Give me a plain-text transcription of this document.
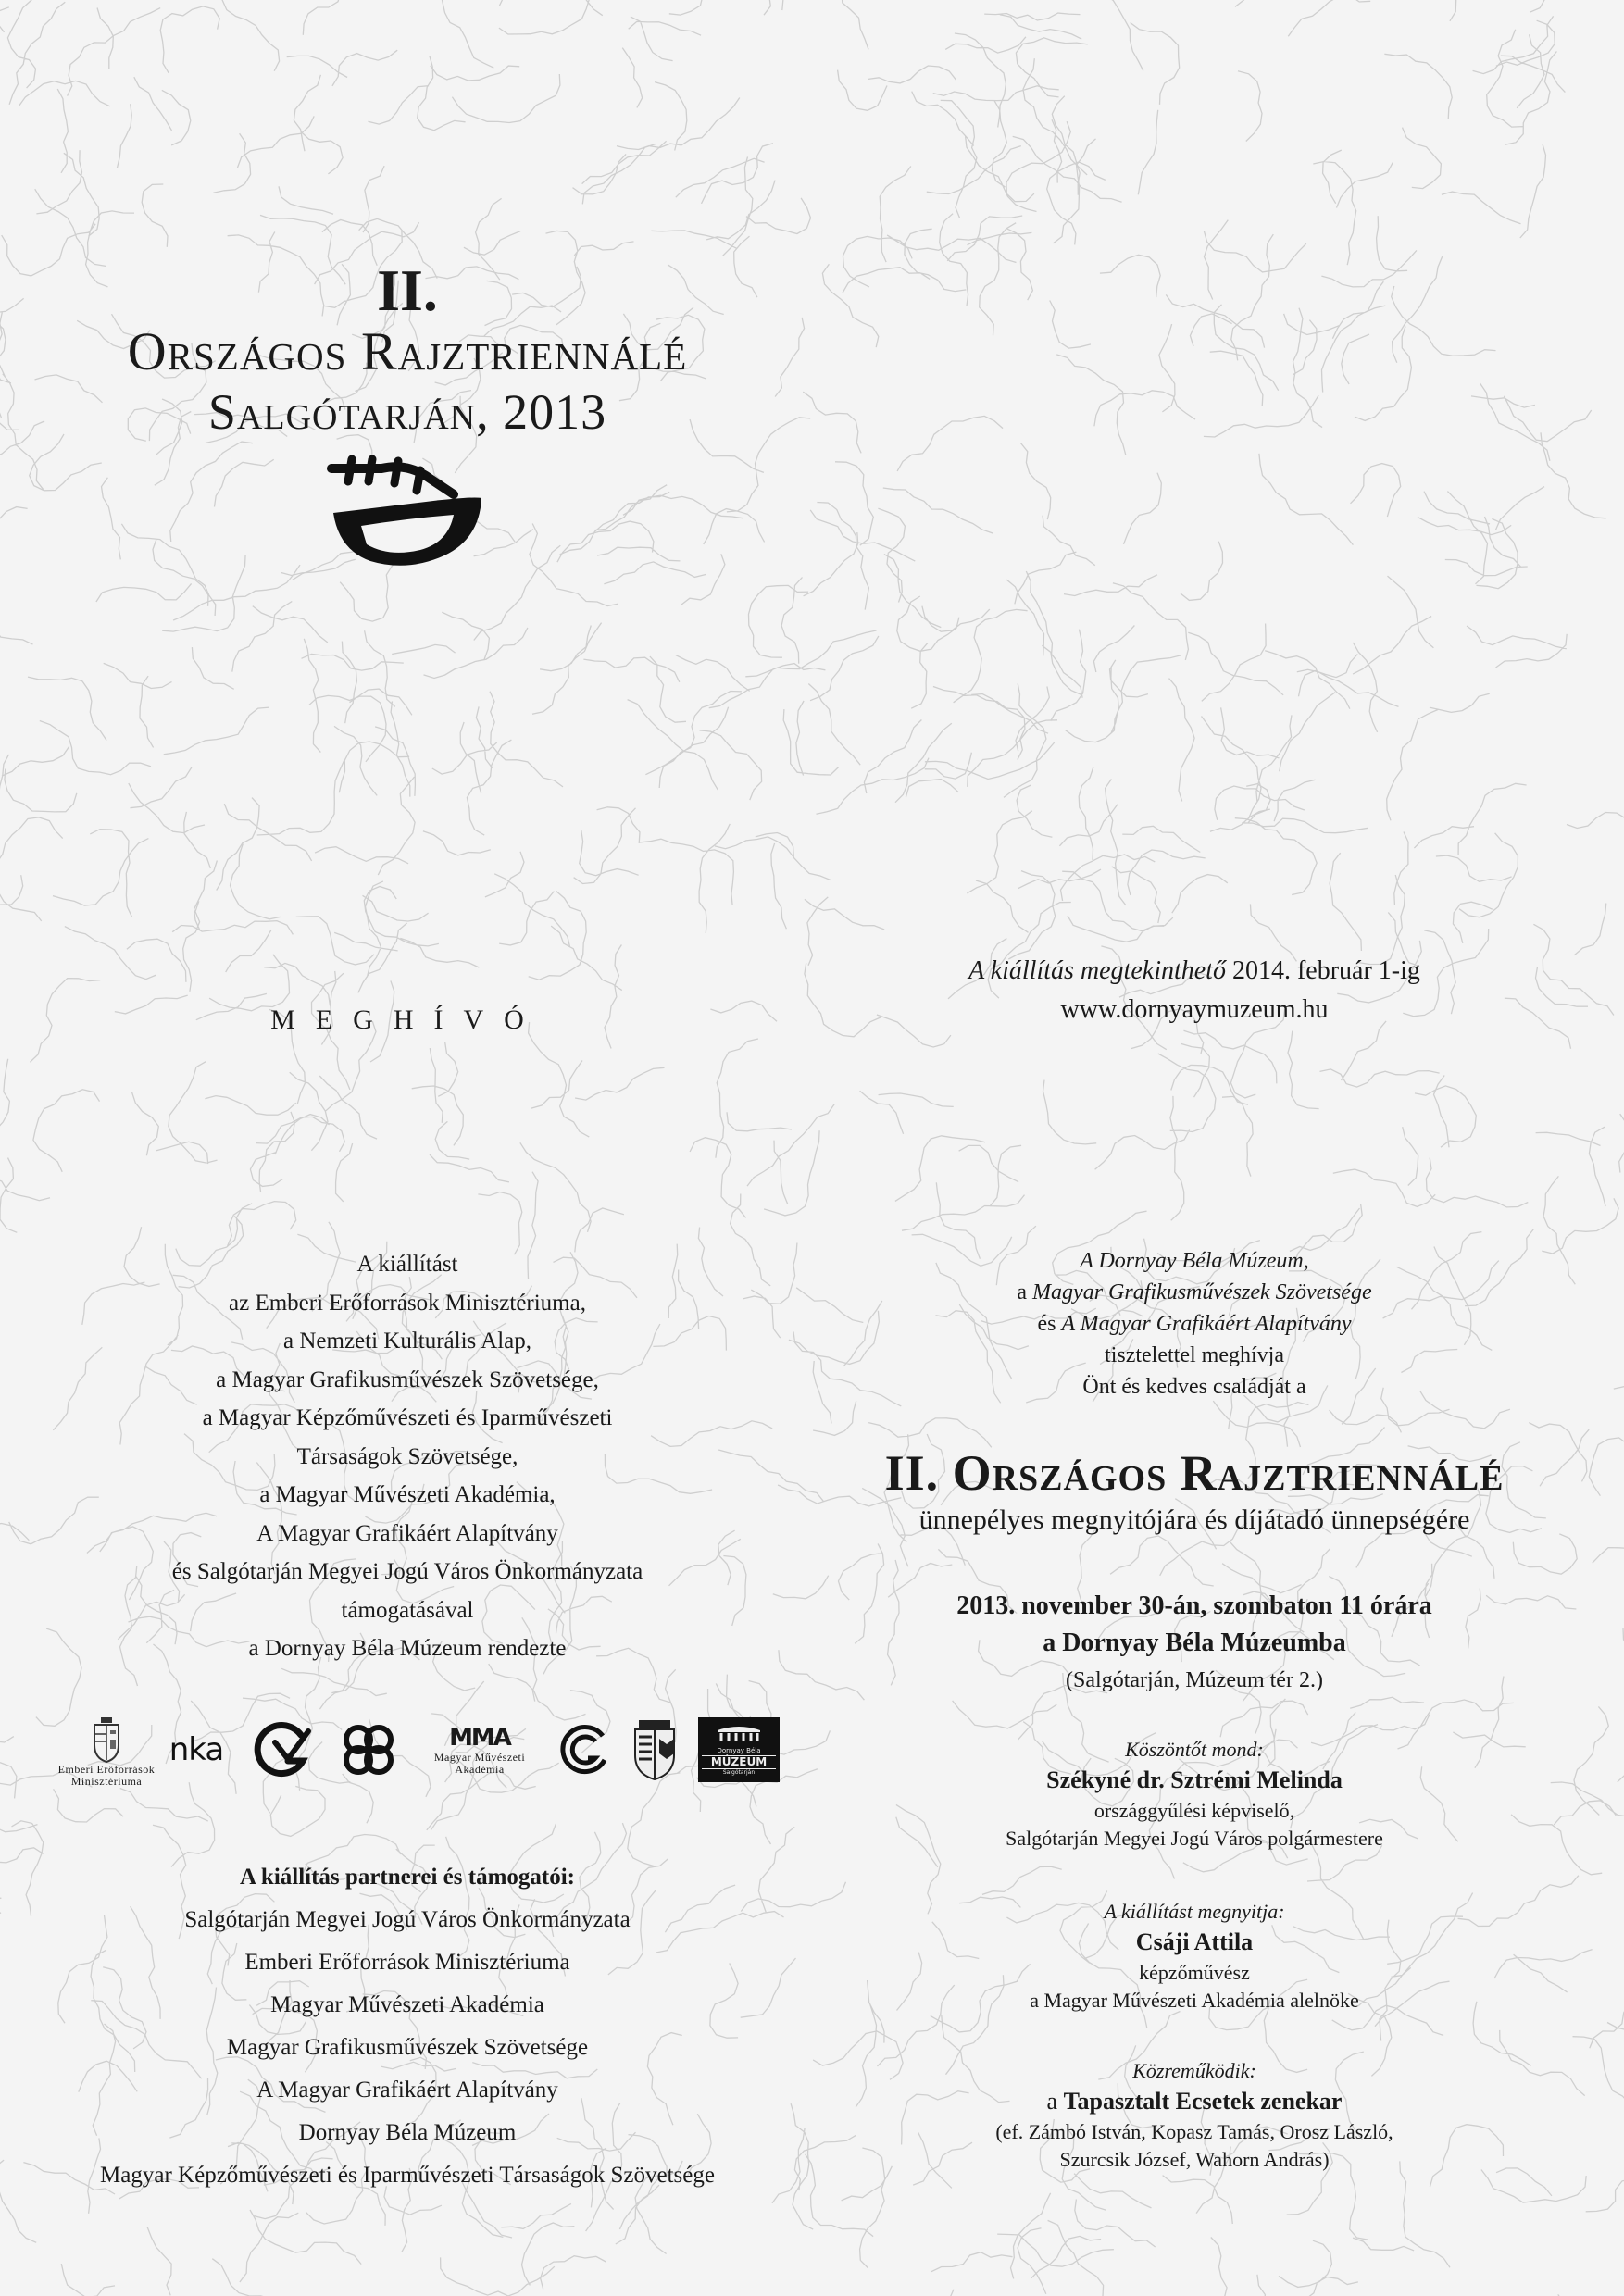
II.
Országos Rajztriennálé
Salgótarján, 2013
MEGHÍVÓ
A kiállítást
az Emberi Erőforrások Minisztériuma,
a Nemzeti Kulturális Alap,
a Magyar Grafikusművészek Szövetsége,
a Magyar Képzőművészeti és Iparművészeti
Társaságok Szövetsége,
a Magyar Művészeti Akadémia,
A Magyar Grafikáért Alapítvány
és Salgótarján Megyei Jogú Város Önkormányzata
támogatásával
a Dornyay Béla Múzeum rendezte
Emberi Erőforrások
Minisztériuma
nka	MMA
Magyar Művészeti
Akadémia
Dornyay Béla
MÚZEUM
Salgótarján
A kiállítás partnerei és támogatói:
Salgótarján Megyei Jogú Város Önkormányzata
Emberi Erőforrások Minisztériuma
Magyar Művészeti Akadémia
Magyar Grafikusművészek Szövetsége
A Magyar Grafikáért Alapítvány
Dornyay Béla Múzeum
Magyar Képzőművészeti és Iparművészeti Társaságok Szövetsége
A kiállítás megtekinthető 2014. február 1-ig
www.dornyaymuzeum.hu
A Dornyay Béla Múzeum,
a Magyar Grafikusművészek Szövetsége
és A Magyar Grafikáért Alapítvány
tisztelettel meghívja
Önt és kedves családját a
II. Országos Rajztriennálé
ünnepélyes megnyitójára és díjátadó ünnepségére
2013. november 30-án, szombaton 11 órára
a Dornyay Béla Múzeumba
(Salgótarján, Múzeum tér 2.)
Köszöntőt mond:
Székyné dr. Sztrémi Melinda
országgyűlési képviselő,
Salgótarján Megyei Jogú Város polgármestere
A kiállítást megnyitja:
Csáji Attila
képzőművész
a Magyar Művészeti Akadémia alelnöke
Közreműködik:
a Tapasztalt Ecsetek zenekar
(ef. Zámbó István, Kopasz Tamás, Orosz László,
Szurcsik József, Wahorn András)
